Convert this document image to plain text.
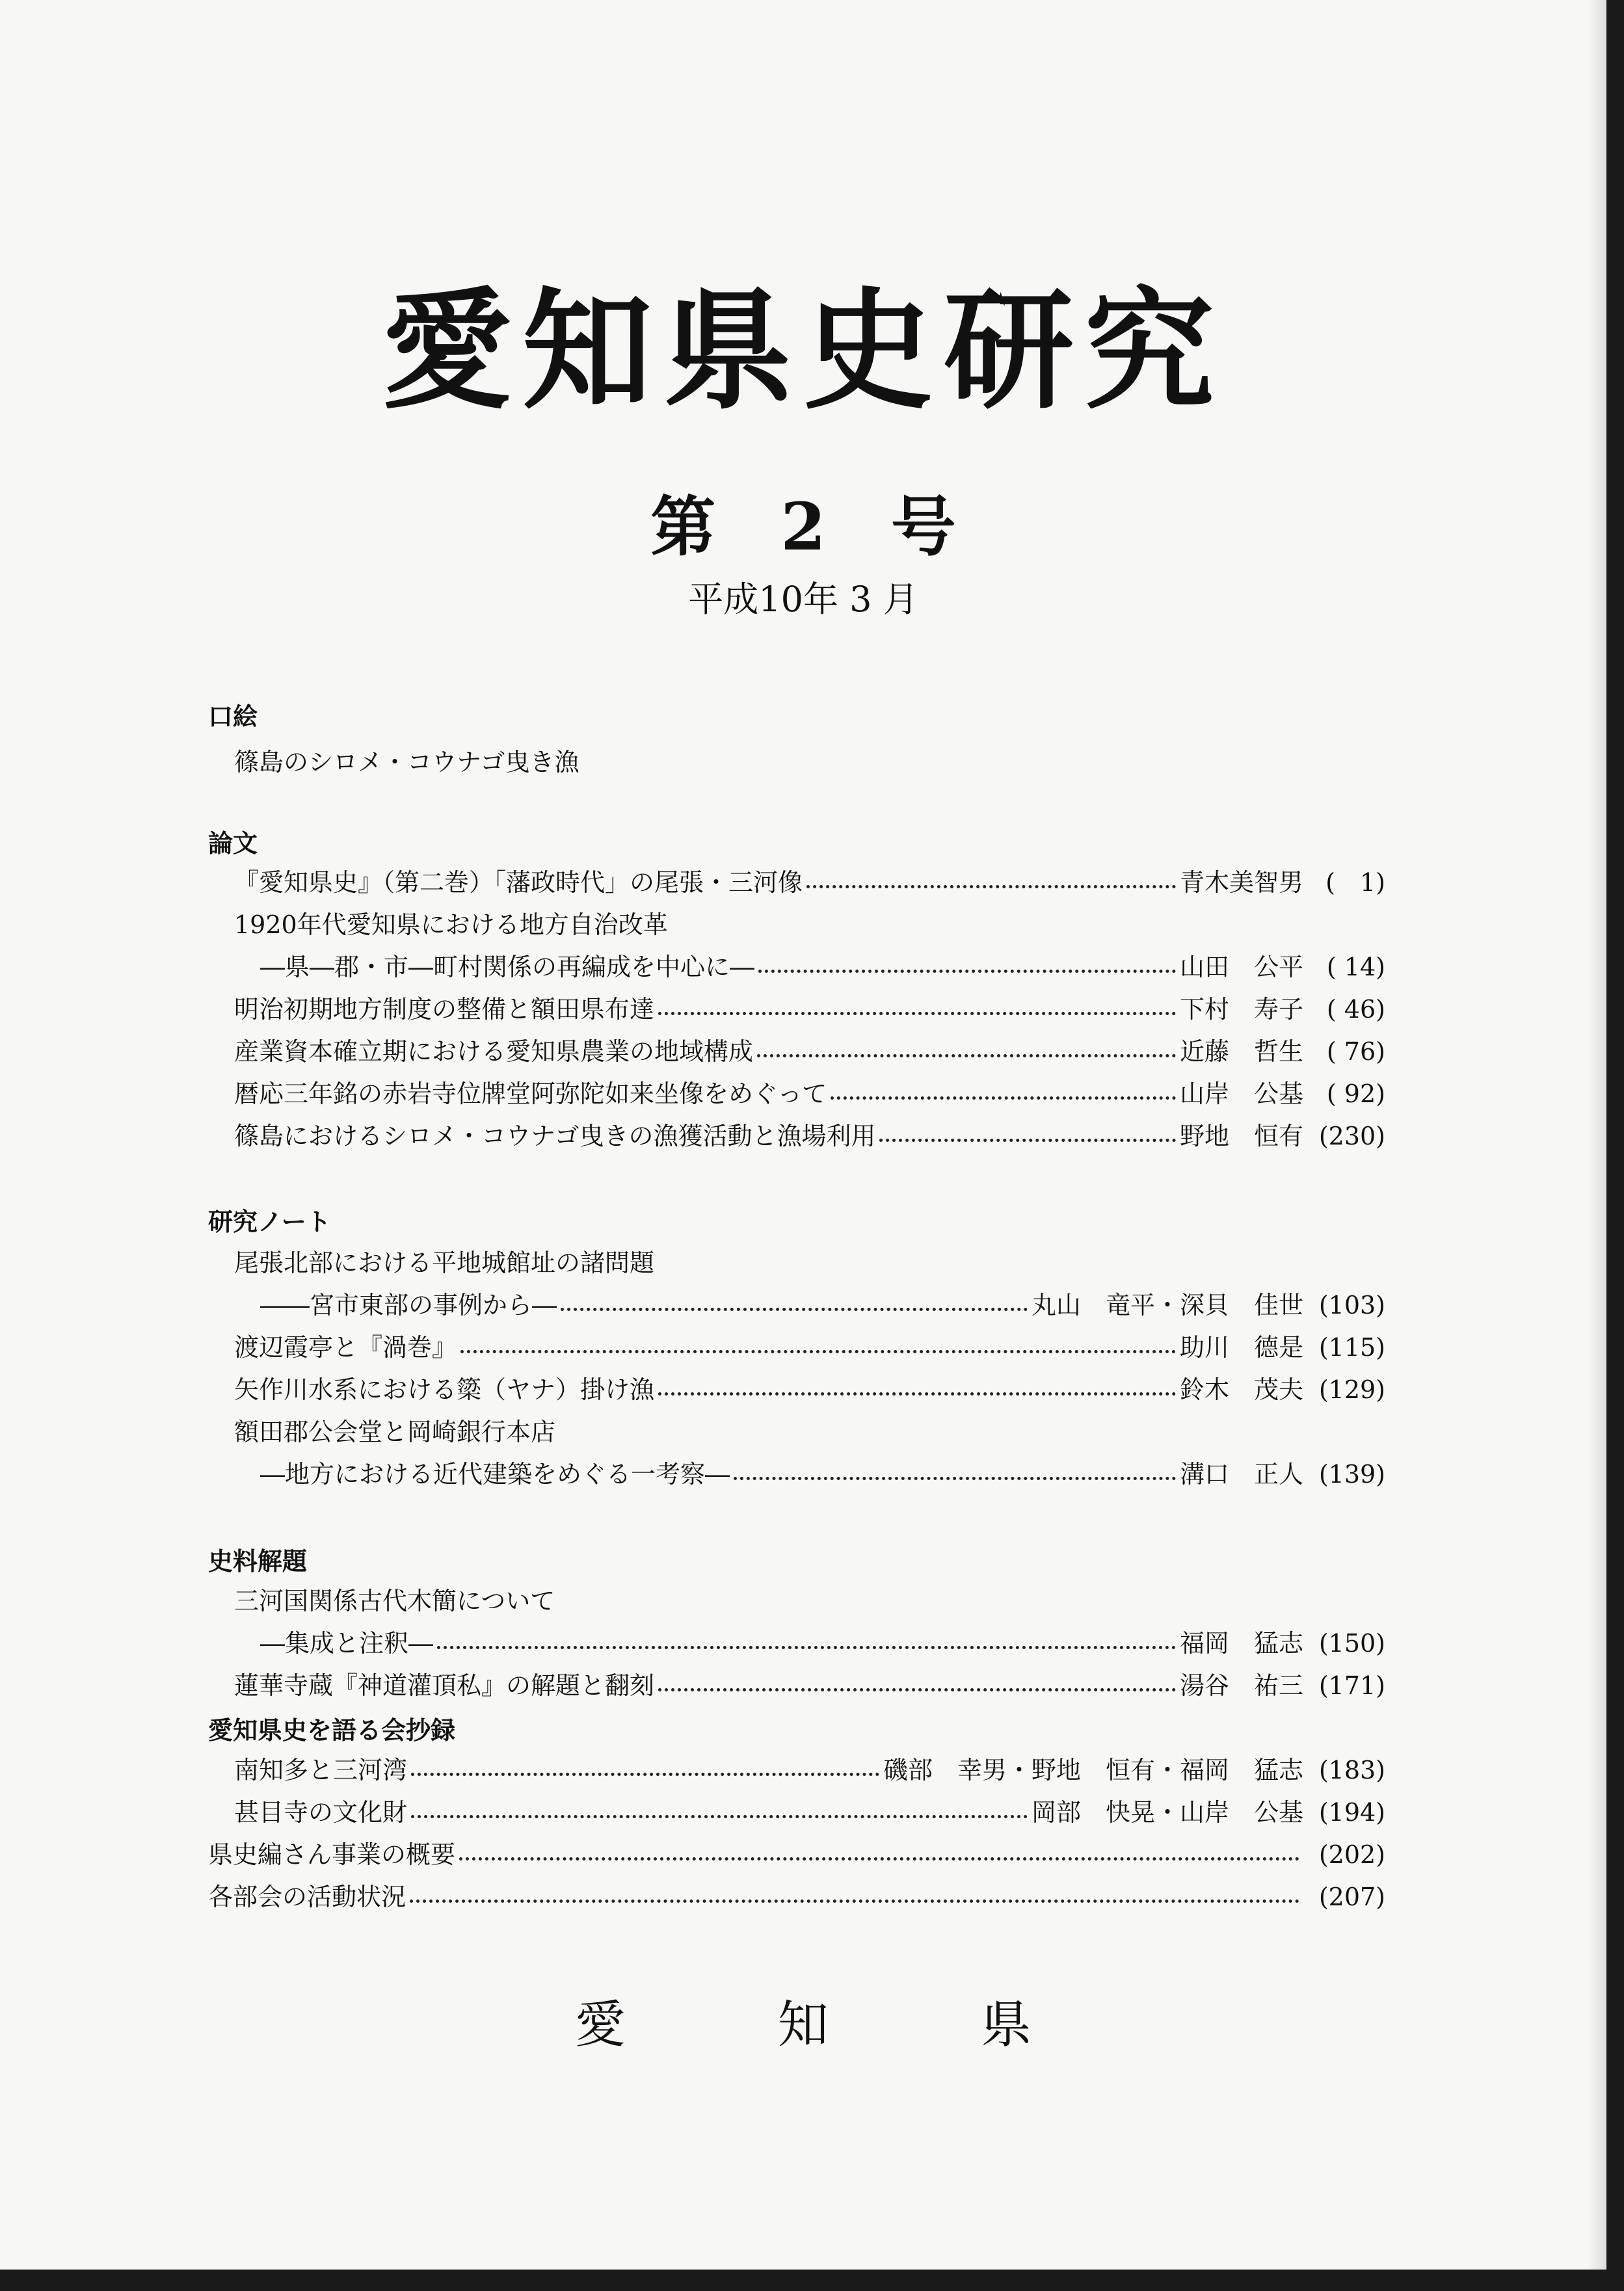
愛知県史研究
第　2　号
平成10年 3 月
口絵
篠島のシロメ・コウナゴ曳き漁
論文
『愛知県史』（第二巻）「藩政時代」の尾張・三河像	青木美智男 (　1)
1920年代愛知県における地方自治改革
―県―郡・市―町村関係の再編成を中心に―	山田　公平 ( 14)
明治初期地方制度の整備と額田県布達	下村　寿子 ( 46)
産業資本確立期における愛知県農業の地域構成	近藤　哲生 ( 76)
暦応三年銘の赤岩寺位牌堂阿弥陀如来坐像をめぐって	山岸　公基 ( 92)
篠島におけるシロメ・コウナゴ曳きの漁獲活動と漁場利用	野地　恒有 (230)
研究ノート
尾張北部における平地城館址の諸問題
――宮市東部の事例から―	丸山　竜平・深貝　佳世 (103)
渡辺霞亭と『渦巻』	助川　德是 (115)
矢作川水系における簗（ヤナ）掛け漁	鈴木　茂夫 (129)
額田郡公会堂と岡崎銀行本店
―地方における近代建築をめぐる一考察―	溝口　正人 (139)
史料解題
三河国関係古代木簡について
―集成と注釈―	福岡　猛志 (150)
蓮華寺蔵『神道灌頂私』の解題と翻刻	湯谷　祐三 (171)
愛知県史を語る会抄録
南知多と三河湾	磯部　幸男・野地　恒有・福岡　猛志 (183)
甚目寺の文化財	岡部　快晃・山岸　公基 (194)
県史編さん事業の概要	(202)
各部会の活動状況	(207)
愛　　　知　　　県
